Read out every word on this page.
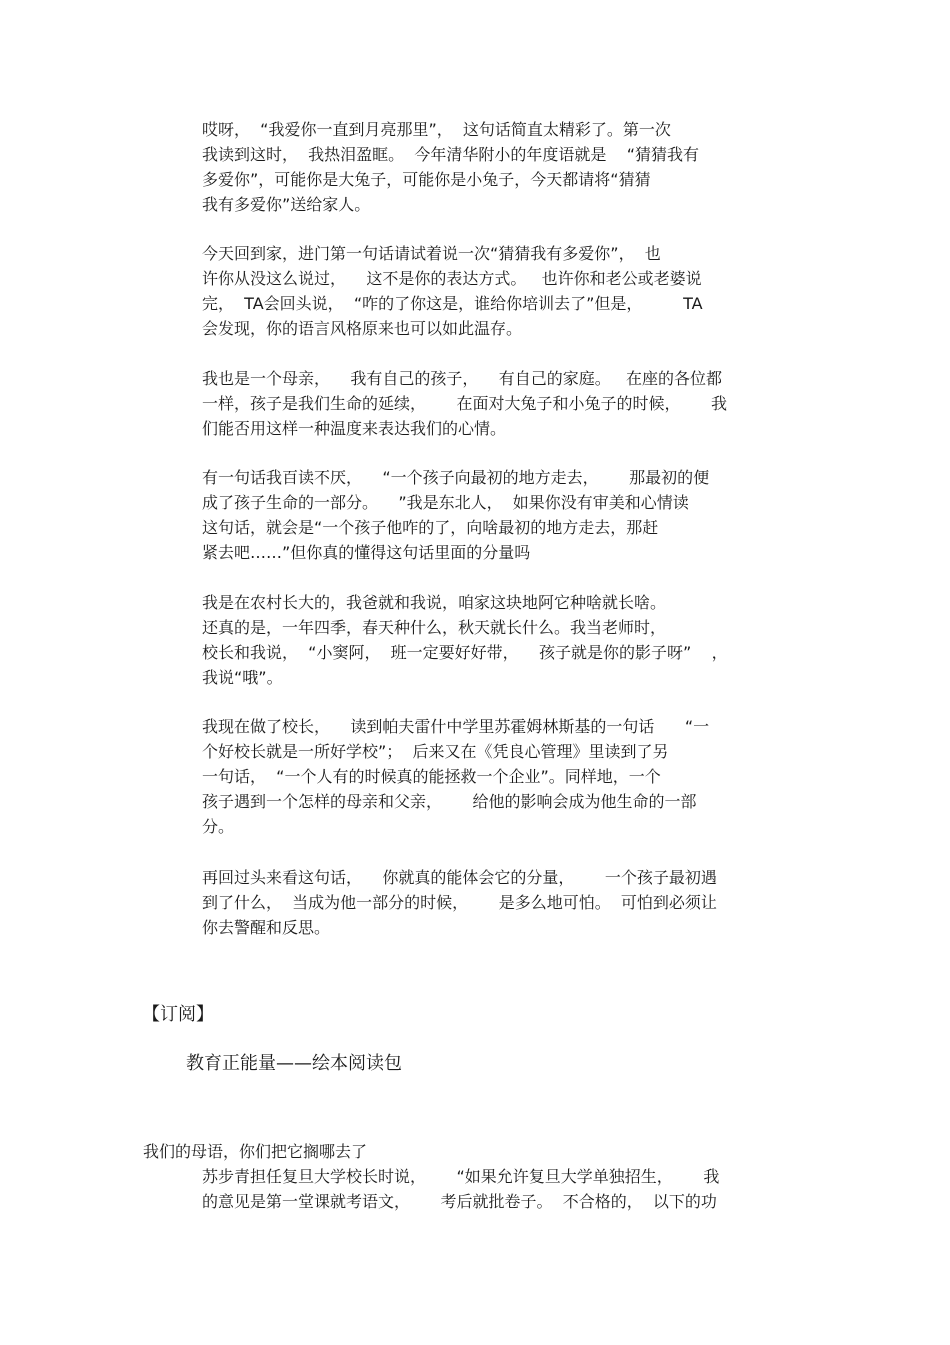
哎呀，  “我爱你一直到月亮那里”，  这句话简直太精彩了。第一次
我读到这时，  我热泪盈眶。  今年清华附小的年度语就是    “猜猜我有
多爱你”，可能你是大兔子，可能你是小兔子，今天都请将“猜猜
我有多爱你”送给家人。
今天回到家，进门第一句话请试着说一次“猜猜我有多爱你”，  也
许你从没这么说过，    这不是你的表达方式。   也许你和老公或老婆说
完，  TA会回头说，  “咋的了你这是，谁给你培训去了”但是，        TA
会发现，你的语言风格原来也可以如此温存。
我也是一个母亲，    我有自己的孩子，    有自己的家庭。   在座的各位都
一样，孩子是我们生命的延续，      在面对大兔子和小兔子的时候，      我
们能否用这样一种温度来表达我们的心情。
有一句话我百读不厌，    “一个孩子向最初的地方走去，      那最初的便
成了孩子生命的一部分。    ”我是东北人，  如果你没有审美和心情读
这句话，就会是“一个孩子他咋的了，向啥最初的地方走去，那赶
紧去吧……”但你真的懂得这句话里面的分量吗
我是在农村长大的，我爸就和我说，咱家这块地阿它种啥就长啥。
还真的是，一年四季，春天种什么，秋天就长什么。我当老师时，
校长和我说，  “小窦阿，  班一定要好好带，    孩子就是你的影子呀”    ，
我说“哦”。
我现在做了校长，    读到帕夫雷什中学里苏霍姆林斯基的一句话      “一
个好校长就是一所好学校”；  后来又在《凭良心管理》里读到了另
一句话，  “一个人有的时候真的能拯救一个企业”。同样地，一个
孩子遇到一个怎样的母亲和父亲，      给他的影响会成为他生命的一部
分。
再回过头来看这句话，    你就真的能体会它的分量，      一个孩子最初遇
到了什么，  当成为他一部分的时候，      是多么地可怕。  可怕到必须让
你去警醒和反思。
【订阅】
教育正能量——绘本阅读包
我们的母语，你们把它搁哪去了
苏步青担任复旦大学校长时说，      “如果允许复旦大学单独招生，      我
的意见是第一堂课就考语文，      考后就批卷子。  不合格的，  以下的功
